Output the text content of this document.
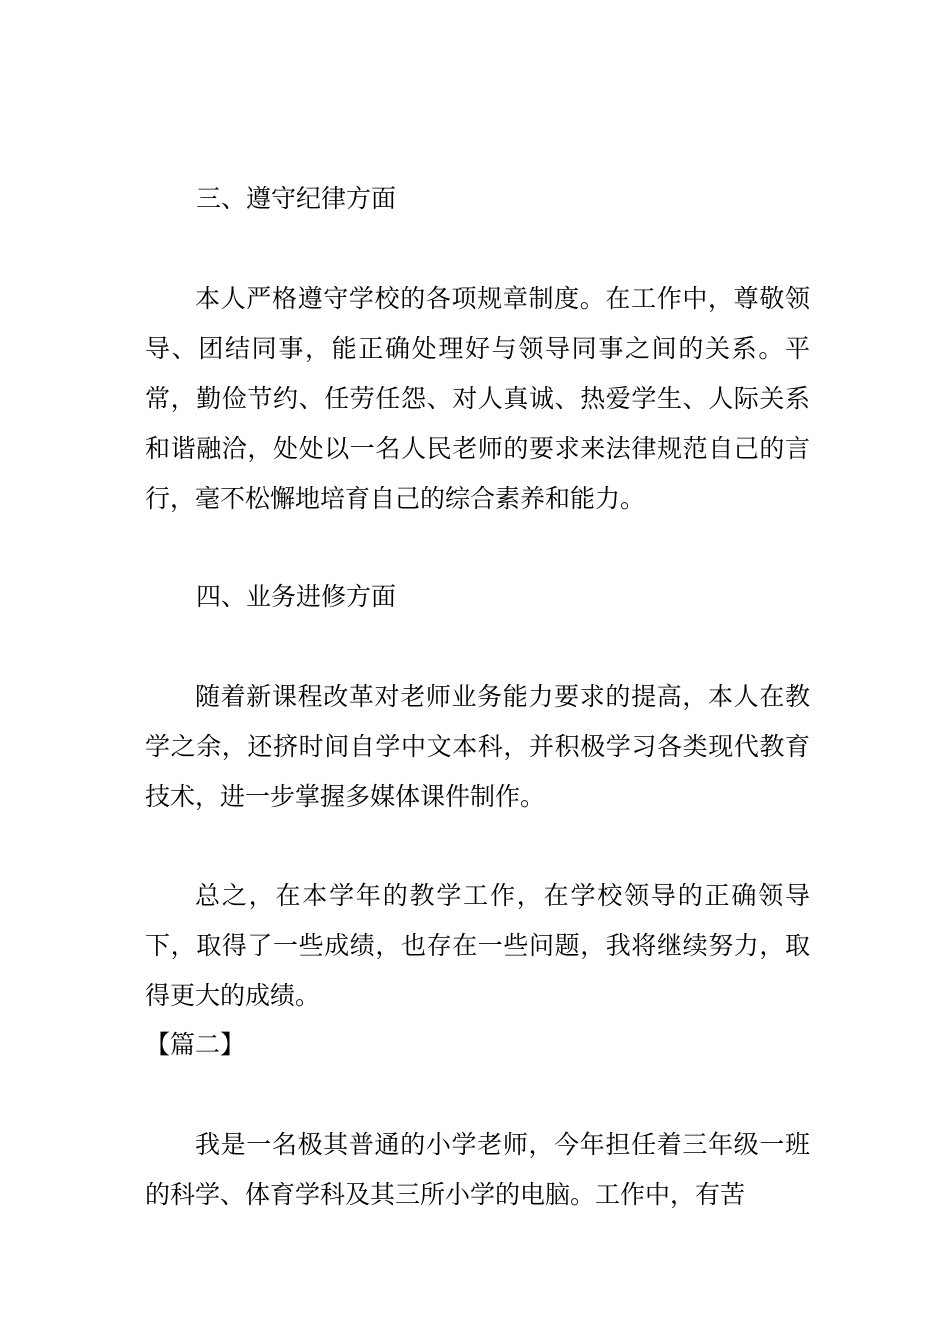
三、遵守纪律方面
本人严格遵守学校的各项规章制度。在工作中，尊敬领导、团结同事，能正确处理好与领导同事之间的关系。平常，勤俭节约、任劳任怨、对人真诚、热爱学生、人际关系和谐融洽，处处以一名人民老师的要求来法律规范自己的言行，毫不松懈地培育自己的综合素养和能力。
四、业务进修方面
随着新课程改革对老师业务能力要求的提高，本人在教学之余，还挤时间自学中文本科，并积极学习各类现代教育技术，进一步掌握多媒体课件制作。
总之，在本学年的教学工作，在学校领导的正确领导下，取得了一些成绩，也存在一些问题，我将继续努力，取得更大的成绩。
【篇二】
我是一名极其普通的小学老师，今年担任着三年级一班的科学、体育学科及其三所小学的电脑。工作中，有苦
